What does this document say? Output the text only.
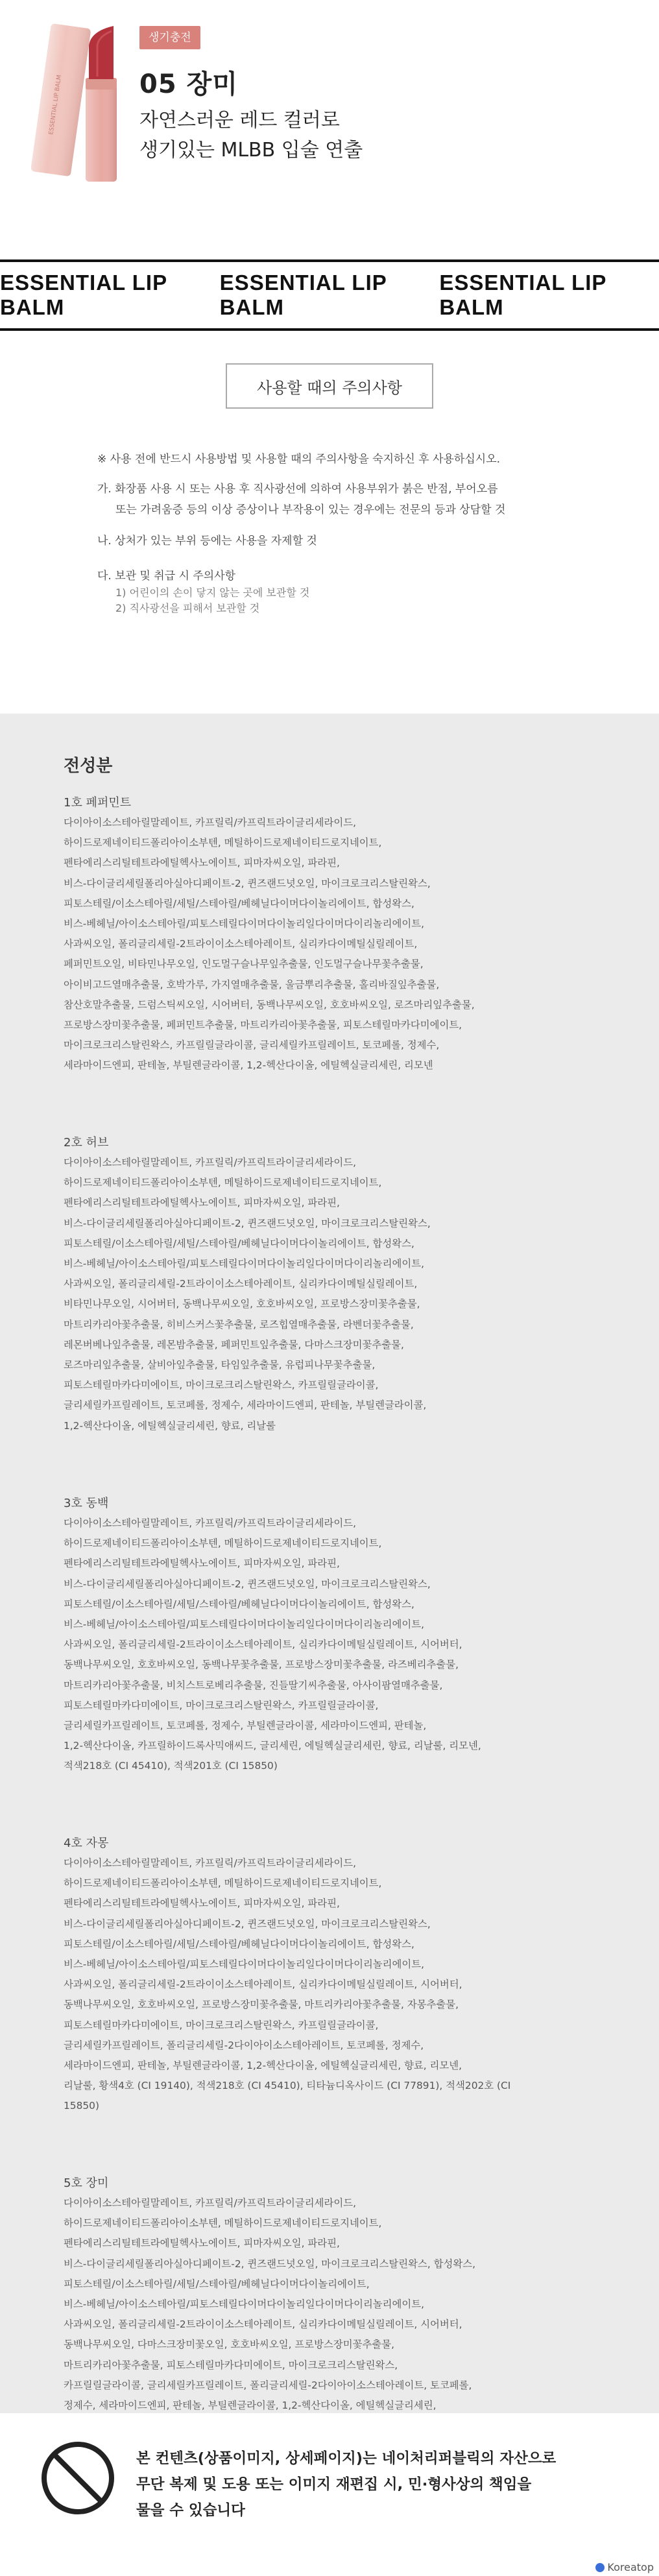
ESSENTIAL LIP BALM
생기충전
05 장미
자연스러운 레드 컬러로
생기있는 MLBB 입술 연출
ESSENTIAL LIP BALM
ESSENTIAL LIP BALM
ESSENTIAL LIP BALM
사용할 때의 주의사항
※ 사용 전에 반드시 사용방법 및 사용할 때의 주의사항을 숙지하신 후 사용하십시오.
가. 화장품 사용 시 또는 사용 후 직사광선에 의하여 사용부위가 붉은 반점, 부어오름
또는 가려움증 등의 이상 증상이나 부작용이 있는 경우에는 전문의 등과 상담할 것
나. 상처가 있는 부위 등에는 사용을 자제할 것
다. 보관 및 취급 시 주의사항
1) 어린이의 손이 닿지 않는 곳에 보관할 것
2) 직사광선을 피해서 보관할 것
전성분
1호 페퍼민트
다이아이소스테아릴말레이트, 카프릴릭/카프릭트라이글리세라이드,
하이드로제네이티드폴리아이소부텐, 메틸하이드로제네이티드로지네이트,
펜타에리스리틸테트라에틸헥사노에이트, 피마자씨오일, 파라핀,
비스-다이글리세릴폴리아실아디페이트-2, 퀸즈랜드넛오일, 마이크로크리스탈린왁스,
피토스테릴/이소스테아릴/세틸/스테아릴/베헤닐다이머다이놀리에이트, 합성왁스,
비스-베헤닐/아이소스테아릴/피토스테릴다이머다이놀리일다이머다이리놀리에이트,
사과씨오일, 폴리글리세릴-2트라이이소스테아레이트, 실리카다이메틸실릴레이트,
페퍼민트오일, 비타민나무오일, 인도멀구슬나무잎추출물, 인도멀구슬나무꽃추출물,
아이비고드열매추출물, 호박가루, 가지열매추출물, 울금뿌리추출물, 홀리바질잎추출물,
참산호말추출물, 드럼스틱씨오일, 시어버터, 동백나무씨오일, 호호바씨오일, 로즈마리잎추출물,
프로방스장미꽃추출물, 페퍼민트추출물, 마트리카리아꽃추출물, 피토스테릴마카다미에이트,
마이크로크리스탈린왁스, 카프릴릴글라이콜, 글리세릴카프릴레이트, 토코페롤, 정제수,
세라마이드엔피, 판테놀, 부틸렌글라이콜, 1,2-헥산다이올, 에틸헥실글리세린, 리모넨
2호 허브
다이아이소스테아릴말레이트, 카프릴릭/카프릭트라이글리세라이드,
하이드로제네이티드폴리아이소부텐, 메틸하이드로제네이티드로지네이트,
펜타에리스리틸테트라에틸헥사노에이트, 피마자씨오일, 파라핀,
비스-다이글리세릴폴리아실아디페이트-2, 퀸즈랜드넛오일, 마이크로크리스탈린왁스,
피토스테릴/이소스테아릴/세틸/스테아릴/베헤닐다이머다이놀리에이트, 합성왁스,
비스-베헤닐/아이소스테아릴/피토스테릴다이머다이놀리일다이머다이리놀리에이트,
사과씨오일, 폴리글리세릴-2트라이이소스테아레이트, 실리카다이메틸실릴레이트,
비타민나무오일, 시어버터, 동백나무씨오일, 호호바씨오일, 프로방스장미꽃추출물,
마트리카리아꽃추출물, 히비스커스꽃추출물, 로즈힙열매추출물, 라벤더꽃추출물,
레몬버베나잎추출물, 레몬밤추출물, 페퍼민트잎추출물, 다마스크장미꽃추출물,
로즈마리잎추출물, 살비아잎추출물, 타임잎추출물, 유럽피나무꽃추출물,
피토스테릴마카다미에이트, 마이크로크리스탈린왁스, 카프릴릴글라이콜,
글리세릴카프릴레이트, 토코페롤, 정제수, 세라마이드엔피, 판테놀, 부틸렌글라이콜,
1,2-헥산다이올, 에틸헥실글리세린, 향료, 리날룰
3호 동백
다이아이소스테아릴말레이트, 카프릴릭/카프릭트라이글리세라이드,
하이드로제네이티드폴리아이소부텐, 메틸하이드로제네이티드로지네이트,
펜타에리스리틸테트라에틸헥사노에이트, 피마자씨오일, 파라핀,
비스-다이글리세릴폴리아실아디페이트-2, 퀸즈랜드넛오일, 마이크로크리스탈린왁스,
피토스테릴/이소스테아릴/세틸/스테아릴/베헤닐다이머다이놀리에이트, 합성왁스,
비스-베헤닐/아이소스테아릴/피토스테릴다이머다이놀리일다이머다이리놀리에이트,
사과씨오일, 폴리글리세릴-2트라이이소스테아레이트, 실리카다이메틸실릴레이트, 시어버터,
동백나무씨오일, 호호바씨오일, 동백나무꽃추출물, 프로방스장미꽃추출물, 라즈베리추출물,
마트리카리아꽃추출물, 비치스트로베리추출물, 진들딸기씨추출물, 아사이팜열매추출물,
피토스테릴마카다미에이트, 마이크로크리스탈린왁스, 카프릴릴글라이콜,
글리세릴카프릴레이트, 토코페롤, 정제수, 부틸렌글라이콜, 세라마이드엔피, 판테놀,
1,2-헥산다이올, 카프릴하이드록사믹애씨드, 글리세린, 에틸헥실글리세린, 향료, 리날룰, 리모넨,
적색218호 (CI 45410), 적색201호 (CI 15850)
4호 자몽
다이아이소스테아릴말레이트, 카프릴릭/카프릭트라이글리세라이드,
하이드로제네이티드폴리아이소부텐, 메틸하이드로제네이티드로지네이트,
펜타에리스리틸테트라에틸헥사노에이트, 피마자씨오일, 파라핀,
비스-다이글리세릴폴리아실아디페이트-2, 퀸즈랜드넛오일, 마이크로크리스탈린왁스,
피토스테릴/이소스테아릴/세틸/스테아릴/베헤닐다이머다이놀리에이트, 합성왁스,
비스-베헤닐/아이소스테아릴/피토스테릴다이머다이놀리일다이머다이리놀리에이트,
사과씨오일, 폴리글리세릴-2트라이이소스테아레이트, 실리카다이메틸실릴레이트, 시어버터,
동백나무씨오일, 호호바씨오일, 프로방스장미꽃추출물, 마트리카리아꽃추출물, 자몽추출물,
피토스테릴마카다미에이트, 마이크로크리스탈린왁스, 카프릴릴글라이콜,
글리세릴카프릴레이트, 폴리글리세릴-2다이아이소스테아레이트, 토코페롤, 정제수,
세라마이드엔피, 판테놀, 부틸렌글라이콜, 1,2-헥산다이올, 에틸헥실글리세린, 향료, 리모넨,
리날룰, 황색4호 (CI 19140), 적색218호 (CI 45410), 티타늄디옥사이드 (CI 77891), 적색202호 (CI
15850)
5호 장미
다이아이소스테아릴말레이트, 카프릴릭/카프릭트라이글리세라이드,
하이드로제네이티드폴리아이소부텐, 메틸하이드로제네이티드로지네이트,
펜타에리스리틸테트라에틸헥사노에이트, 피마자씨오일, 파라핀,
비스-다이글리세릴폴리아실아디페이트-2, 퀸즈랜드넛오일, 마이크로크리스탈린왁스, 합성왁스,
피토스테릴/이소스테아릴/세틸/스테아릴/베헤닐다이머다이놀리에이트,
비스-베헤닐/아이소스테아릴/피토스테릴다이머다이놀리일다이머다이리놀리에이트,
사과씨오일, 폴리글리세릴-2트라이이소스테아레이트, 실리카다이메틸실릴레이트, 시어버터,
동백나무씨오일, 다마스크장미꽃오일, 호호바씨오일, 프로방스장미꽃추출물,
마트리카리아꽃추출물, 피토스테릴마카다미에이트, 마이크로크리스탈린왁스,
카프릴릴글라이콜, 글리세릴카프릴레이트, 폴리글리세릴-2다이아이소스테아레이트, 토코페롤,
정제수, 세라마이드엔피, 판테놀, 부틸렌글라이콜, 1,2-헥산다이올, 에틸헥실글리세린,
본 컨텐츠(상품이미지, 상세페이지)는 네이처리퍼블릭의 자산으로
무단 복제 및 도용 또는 이미지 재편집 시, 민·형사상의 책임을
물을 수 있습니다
Koreatop
